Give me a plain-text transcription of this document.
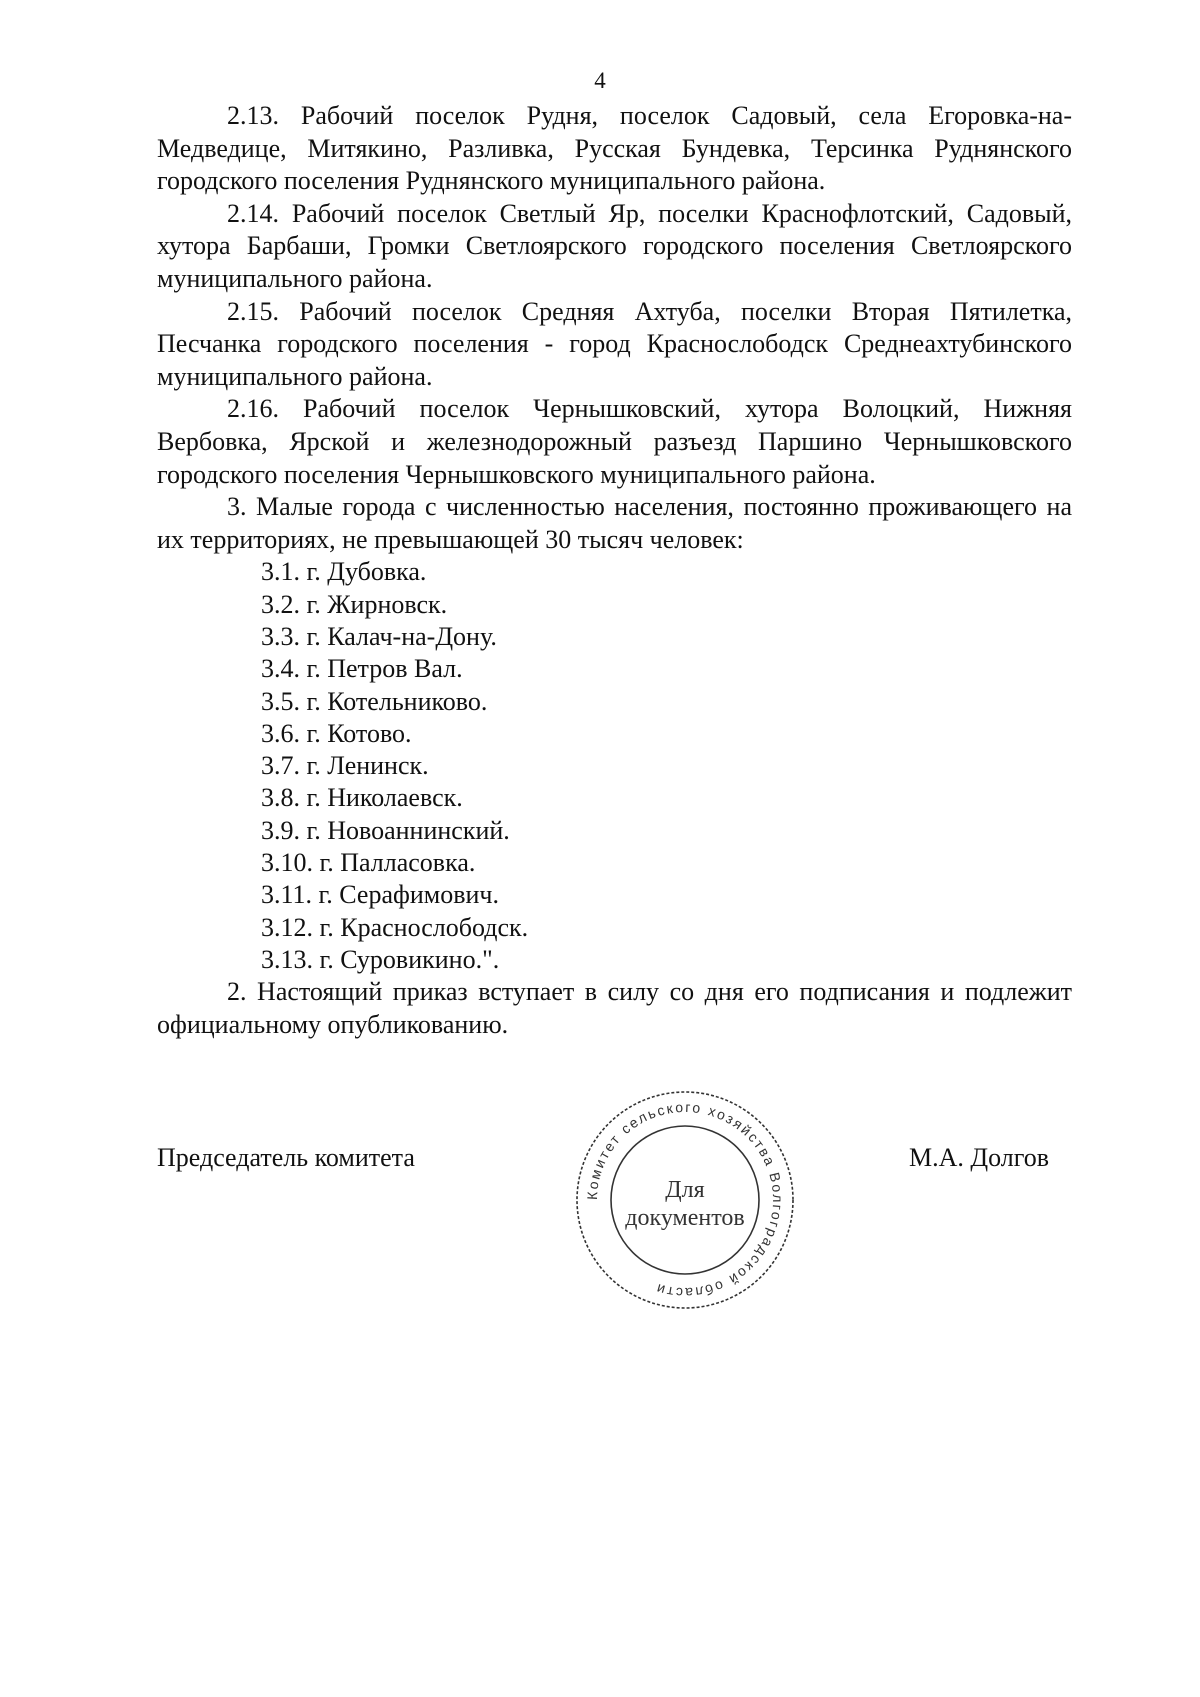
4

2.13. Рабочий поселок Рудня, поселок Садовый, села Егоровка-на-Медведице, Митякино, Разливка, Русская Бундевка, Терсинка Руднянского городского поселения Руднянского муниципального района.

2.14. Рабочий поселок Светлый Яр, поселки Краснофлотский, Садовый, хутора Барбаши, Громки Светлоярского городского поселения Светлоярского муниципального района.

2.15. Рабочий поселок Средняя Ахтуба, поселки Вторая Пятилетка, Песчанка городского поселения - город Краснослободск Среднеахтубинского муниципального района.

2.16. Рабочий поселок Чернышковский, хутора Волоцкий, Нижняя Вербовка, Ярской и железнодорожный разъезд Паршино Чернышковского городского поселения Чернышковского муниципального района.

3. Малые города с численностью населения, постоянно проживающего на их территориях, не превышающей 30 тысяч человек:

3.1. г. Дубовка.
3.2. г. Жирновск.
3.3. г. Калач-на-Дону.
3.4. г. Петров Вал.
3.5. г. Котельниково.
3.6. г. Котово.
3.7. г. Ленинск.
3.8. г. Николаевск.
3.9. г. Новоаннинский.
3.10. г. Палласовка.
3.11. г. Серафимович.
3.12. г. Краснослободск.
3.13. г. Суровикино.".

2. Настоящий приказ вступает в силу со дня его подписания и подлежит официальному опубликованию.

Председатель комитета	М.А. Долгов
Комитет сельского хозяйства Волгоградской области
Для
документов
